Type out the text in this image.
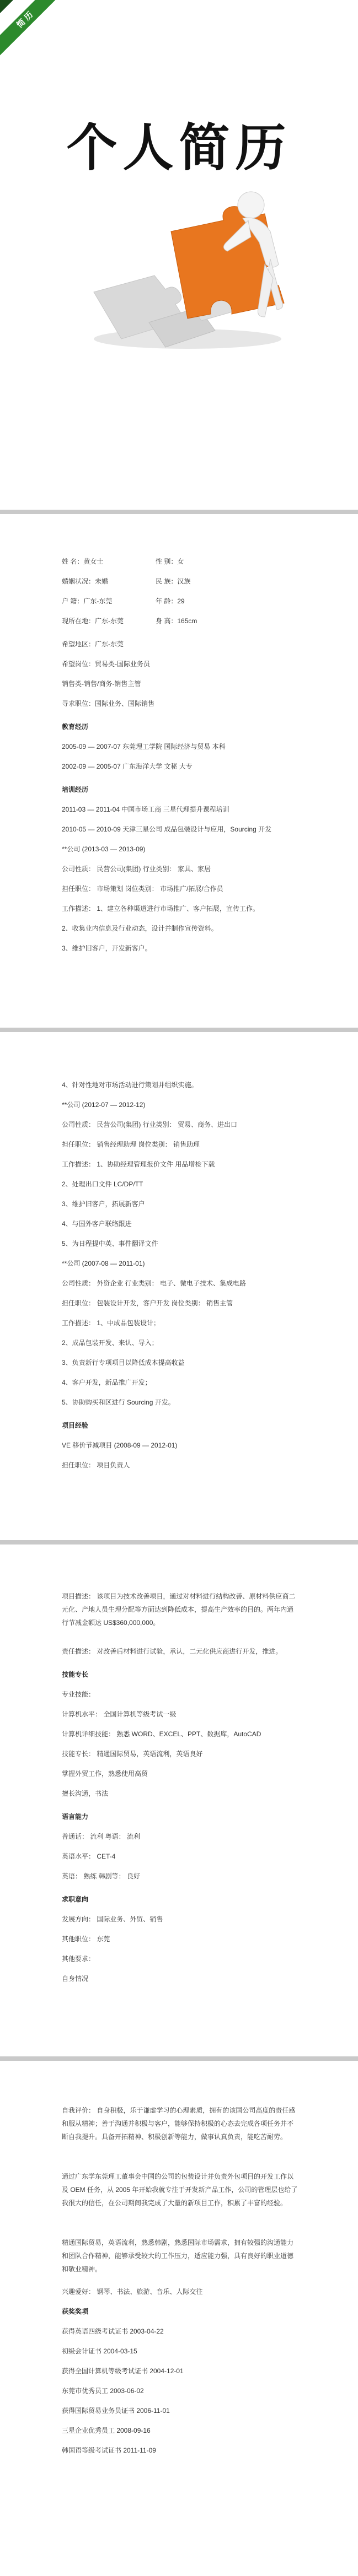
简历
个人简历
姓 名：黄女士	性 别：女
婚姻状况：未婚	民 族：汉族
户 籍：广东-东莞	年 龄：29
现所在地：广东-东莞	身 高：165cm
希望地区：广东-东莞
希望岗位：贸易类-国际业务员
销售类-销售/商务-销售主管
寻求职位：国际业务、国际销售
教育经历
2005-09 — 2007-07 东莞理工学院 国际经济与贸易 本科
2002-09 — 2005-07 广东海洋大学 文秘 大专
培训经历
2011-03 — 2011-04 中国市场工商 三星代理提升课程培训
2010-05 — 2010-09 天津三星公司 成品包装设计与应用，Sourcing 开发
**公司 (2013-03 — 2013-09)
公司性质： 民营公司(集团) 行业类别： 家具、家居
担任职位： 市场策划 岗位类别： 市场推广/拓展/合作员
工作描述： 1、建立各种渠道进行市场推广、客户拓展，宣传工作。
2、收集业内信息及行业动态，设计并制作宣传资料。
3、维护旧客户，开发新客户。
4、针对性地对市场活动进行策划并组织实施。
**公司 (2012-07 — 2012-12)
公司性质： 民营公司(集团) 行业类别： 贸易、商务、进出口
担任职位： 销售经理助理 岗位类别： 销售助理
工作描述： 1、协助经理管理报价文件 用品增检下载
2、处理出口文件 LC/DP/TT
3、维护旧客户，拓展新客户
4、与国外客户联络跟进
5、为日程提中英、事件翻译文件
**公司 (2007-08 — 2011-01)
公司性质： 外资企业 行业类别： 电子、微电子技术、集成电路
担任职位： 包装设计开发，客户开发 岗位类别： 销售主管
工作描述： 1、中成品包装设计；
2、成品包装开发、来认、导入；
3、负责新行专项项目以降低成本提高收益
4、客户开发，新品推广开发；
5、协助购买和区进行 Sourcing 开发。
项目经验
VE 移价节减项目 (2008-09 — 2012-01)
担任职位： 项目负责人
项目描述： 该项目为技术改善项目，通过对材料进行结构改善、原材料供应商二元化、产地人员生理分配等方面达到降低成本，提高生产效率的目的。两年内通行节减金额达 US$360,000,000。
责任描述： 对改善后材料进行试验，承认，二元化供应商进行开发，推进。
技能专长
专业技能：
计算机水平： 全国计算机等级考试一级
计算机详细技能： 熟悉 WORD、EXCEL、PPT、数据库，AutoCAD
技能专长： 精通国际贸易，英语流利，英语良好
掌握外贸工作，熟悉使用高贸
擅长沟通，书法
语言能力
普通话： 流利 粤语： 流利
英语水平： CET-4
英语： 熟练 韩剧等： 良好
求职意向
发展方向： 国际业务、外贸、销售
其他职位： 东莞
其他要求：
自身情况
自我评价： 自身积极，乐于谦虚学习的心理素质，拥有的该国公司高度的责任感和服从精神；善于沟通并积极与客户，能够保持积极的心态去完成各项任务并不断自我提升。具备开拓精神、积极创新等能力，做事认真负责，能吃苦耐劳。
通过广东学东莞理工董事会中国的公司的包装设计并负责外包项目的开发工作以及 OEM 任务，从 2005 年开始我就专注于开发新产品工作，公司的管理层也给了我很大的信任，在公司期间我完成了大量的新项目工作，积累了丰富的经验。
精通国际贸易，英语流利，熟悉韩剧，熟悉国际市场需求，拥有较强的沟通能力和团队合作精神，能够承受较大的工作压力，适应能力强，具有良好的职业道德和敬业精神。
兴趣爱好： 钢琴、书法、旅游、音乐、人际交往
获奖奖项
获得英语四级考试证书 2003-04-22
初级会计证书 2004-03-15
获得全国计算机等级考试证书 2004-12-01
东莞市优秀员工 2003-06-02
获得国际贸易业务员证书 2006-11-01
三星企业优秀员工 2008-09-16
韩国语等级考试证书 2011-11-09
